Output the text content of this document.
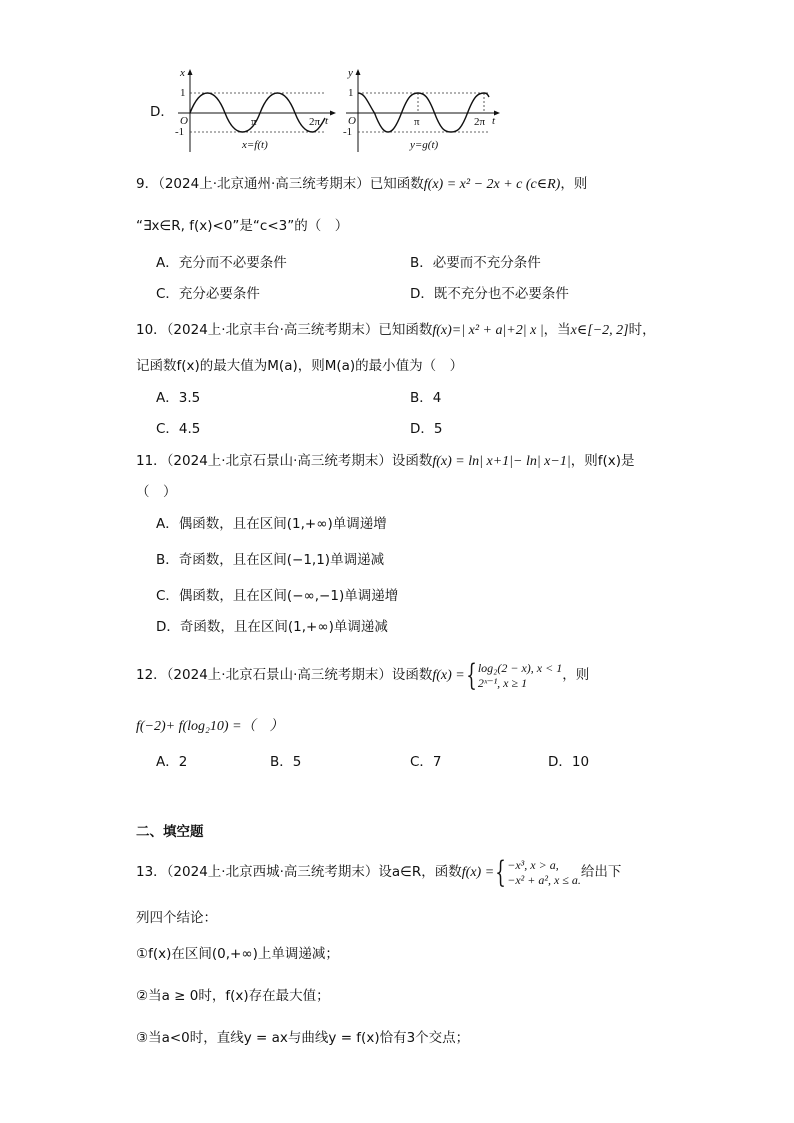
D．
x
t
1
-1
O	π	2π
x=f(t)
y
t
1
-1
O	π	2π
y=g(t)
9．（2024上·北京通州·高三统考期末）已知函数f(x) = x² − 2x + c (c∈R)，则
“∃x∈R, f(x)<0”是“c<3”的（　）
A．充分而不必要条件	B．必要而不充分条件
C．充分必要条件	D．既不充分也不必要条件
10．（2024上·北京丰台·高三统考期末）已知函数f(x)=| x² + a|+2| x |，当x∈[−2, 2]时，
记函数f(x)的最大值为M(a)，则M(a)的最小值为（　）
A．3.5	B．4
C．4.5	D．5
11．（2024上·北京石景山·高三统考期末）设函数f(x) = ln| x+1|− ln| x−1|，则f(x)是
（　）
A．偶函数，且在区间(1,+∞)单调递增
B．奇函数，且在区间(−1,1)单调递减
C．偶函数，且在区间(−∞,−1)单调递增
D．奇函数，且在区间(1,+∞)单调递减
12．（2024上·北京石景山·高三统考期末）设函数f(x) ={ log₂(2 − x), x < 1
2ˣ⁻¹, x ≥ 1	，则
f(−2)+ f(log₂10) =（　）
A．2	B．5	C．7	D．10
二、填空题
13．（2024上·北京西城·高三统考期末）设a∈R，函数f(x) ={ −x³, x > a,
−x² + a², x ≤ a. 给出下
列四个结论：
①f(x)在区间(0,+∞)上单调递减；
②当a ≥ 0时，f(x)存在最大值；
③当a<0时，直线y = ax与曲线y = f(x)恰有3个交点；
